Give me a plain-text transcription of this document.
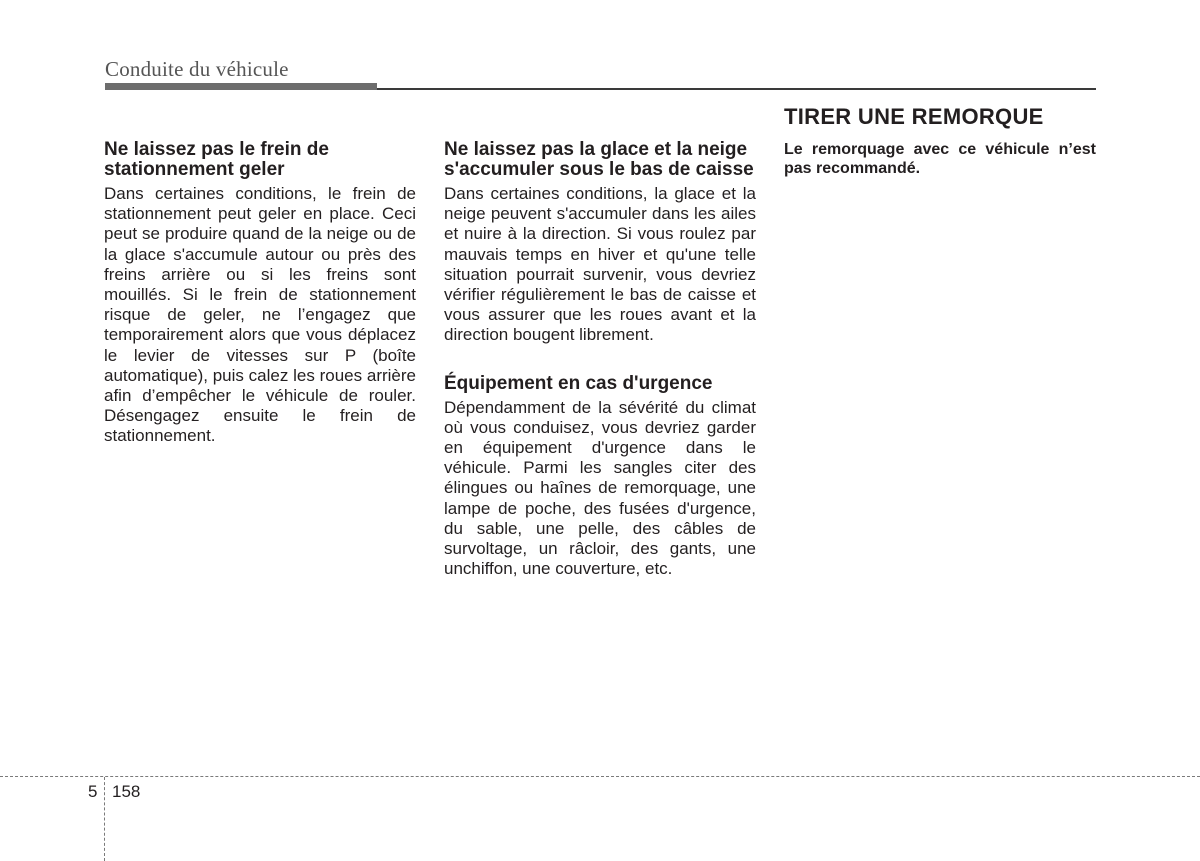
Conduite du véhicule
Ne laissez pas le frein de stationnement geler

Dans certaines conditions, le frein de stationnement peut geler en place. Ceci peut se produire quand de la neige ou de la glace s'accumule autour ou près des freins arrière ou si les freins sont mouillés. Si le frein de stationnement risque de geler, ne l’engagez que temporairement alors que vous déplacez le levier de vitesses sur P (boîte automatique), puis calez les roues arrière afin d’empêcher le véhicule de rouler. Désengagez ensuite le frein de stationnement.

Ne laissez pas la glace et la neige s'accumuler sous le bas de caisse

Dans certaines conditions, la glace et la neige peuvent s'accumuler dans les ailes et nuire à la direction. Si vous roulez par mauvais temps en hiver et qu'une telle situation pourrait survenir, vous devriez vérifier régulièrement le bas de caisse et vous assurer que les roues avant et la direction bougent librement.

Équipement en cas d'urgence

Dépendamment de la sévérité du climat où vous conduisez, vous devriez garder en équipement d'urgence dans le véhicule. Parmi les sangles citer des élingues ou haînes de remorquage, une lampe de poche, des fusées d'urgence, du sable, une pelle, des câbles de survoltage, un râcloir, des gants, une unchiffon, une couverture, etc.

TIRER UNE REMORQUE

Le remorquage avec ce véhicule n’est pas recommandé.

5 158
